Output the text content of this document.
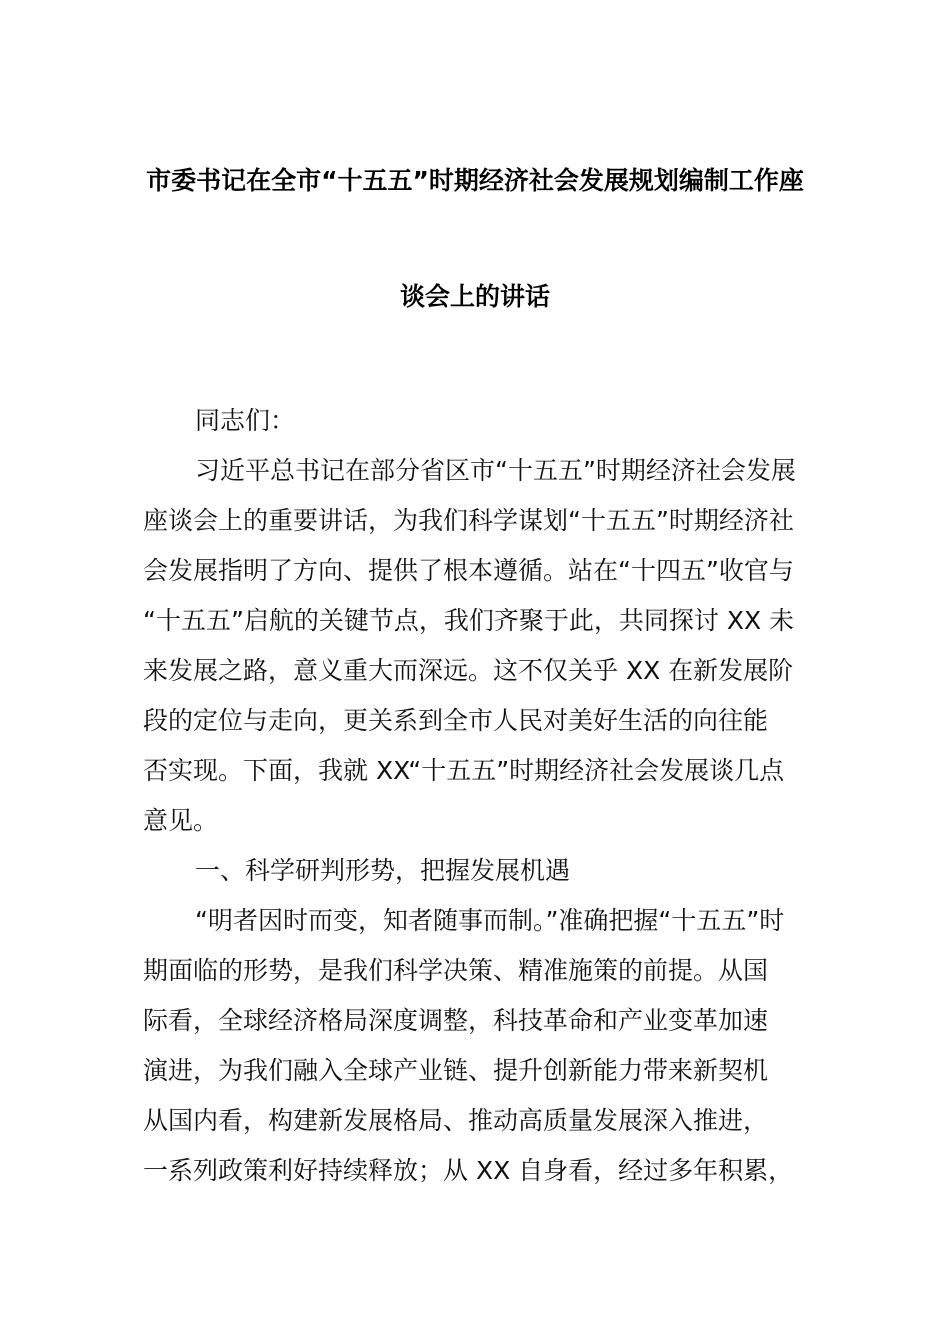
市委书记在全市“十五五”时期经济社会发展规划编制工作座
谈会上的讲话
同志们：
习近平总书记在部分省区市“十五五”时期经济社会发展
座谈会上的重要讲话，为我们科学谋划“十五五”时期经济社
会发展指明了方向、提供了根本遵循。站在“十四五”收官与
“十五五”启航的关键节点，我们齐聚于此，共同探讨 XX 未
来发展之路，意义重大而深远。这不仅关乎 XX 在新发展阶
段的定位与走向，更关系到全市人民对美好生活的向往能
否实现。下面，我就 XX“十五五”时期经济社会发展谈几点
意见。
一、科学研判形势，把握发展机遇
“明者因时而变，知者随事而制。”准确把握“十五五”时
期面临的形势，是我们科学决策、精准施策的前提。从国
际看，全球经济格局深度调整，科技革命和产业变革加速
演进，为我们融入全球产业链、提升创新能力带来新契机
从国内看，构建新发展格局、推动高质量发展深入推进，
一系列政策利好持续释放；从 XX 自身看，经过多年积累，
